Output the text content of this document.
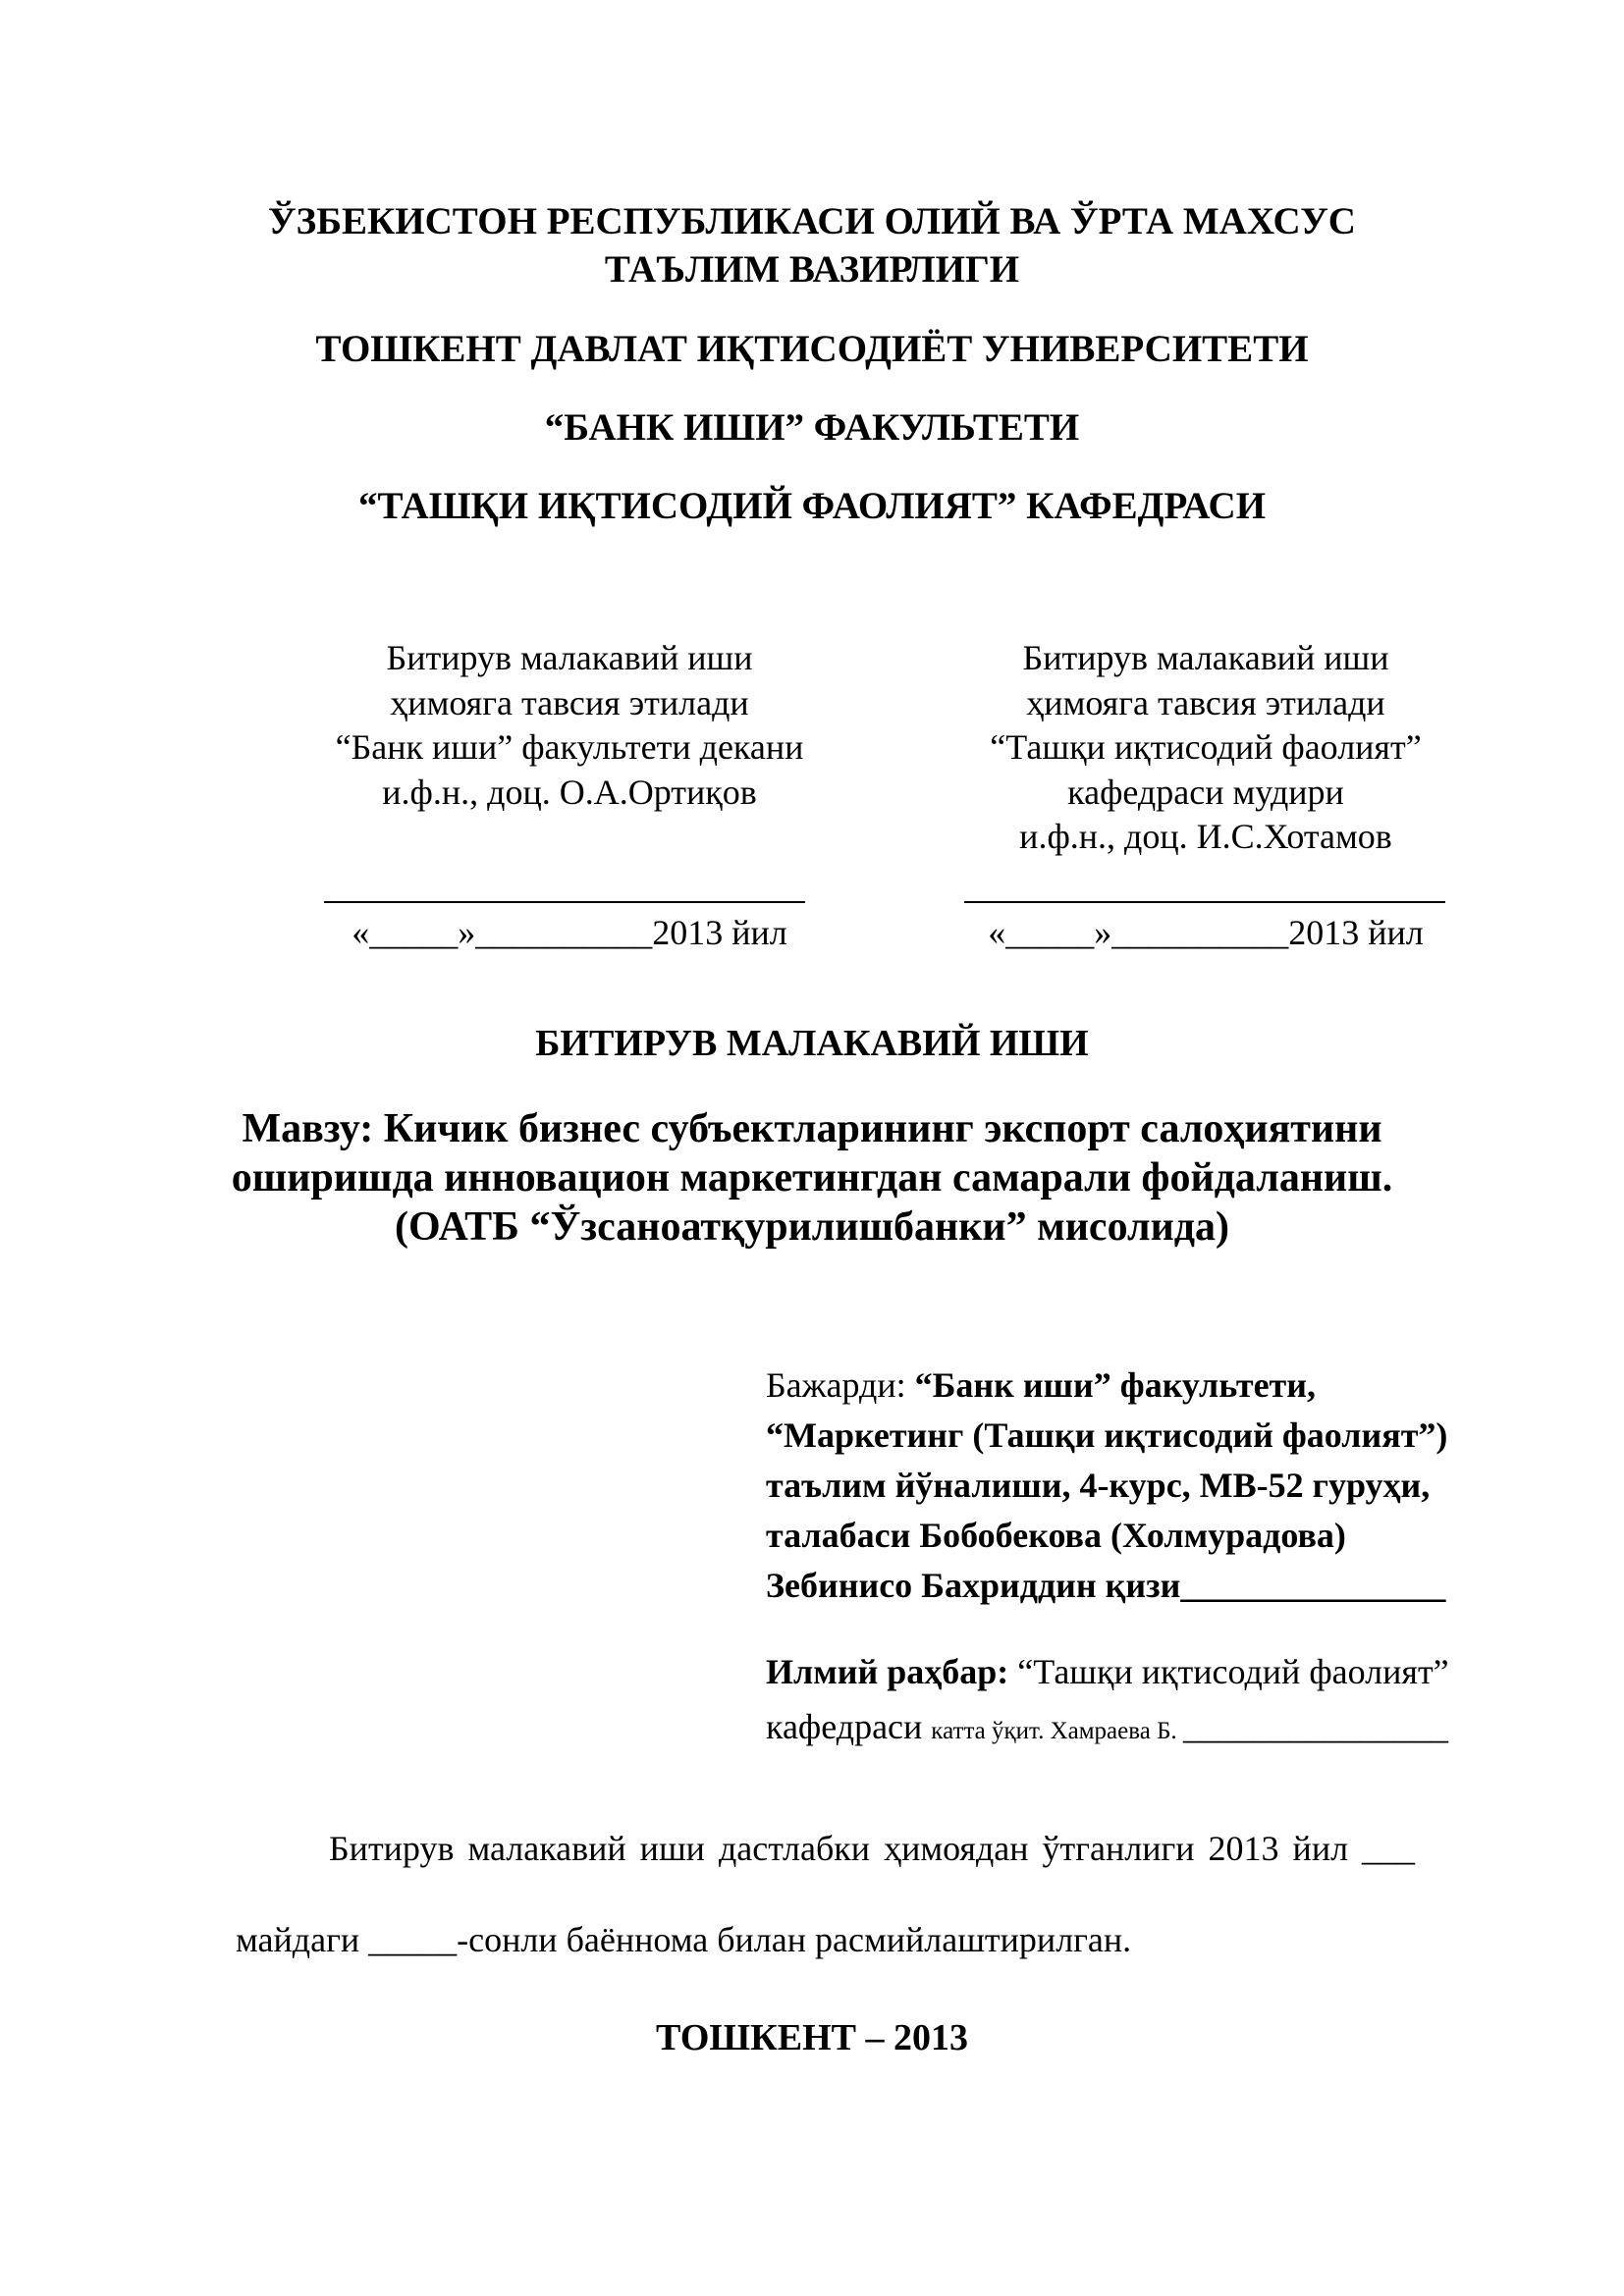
ЎЗБЕКИСТОН РЕСПУБЛИКАСИ ОЛИЙ ВА ЎРТА МАХСУС
ТАЪЛИМ ВАЗИРЛИГИ
ТОШКЕНТ ДАВЛАТ ИҚТИСОДИЁТ УНИВЕРСИТЕТИ
“БАНК ИШИ” ФАКУЛЬТЕТИ
“ТАШҚИ ИҚТИСОДИЙ ФАОЛИЯТ” КАФЕДРАСИ
Битирув малакавий иши
ҳимояга тавсия этилади
“Банк иши” факультети декани
и.ф.н., доц. О.А.Ортиқов
«_____»__________2013 йил
Битирув малакавий иши
ҳимояга тавсия этилади
“Ташқи иқтисодий фаолият”
кафедраси мудири
и.ф.н., доц. И.С.Хотамов
«_____»__________2013 йил
БИТИРУВ МАЛАКАВИЙ ИШИ
Мавзу: Кичик бизнес субъектларининг экспорт салоҳиятини
оширишда инновацион маркетингдан самарали фойдаланиш.
(ОАТБ “Ўзсаноатқурилишбанки” мисолида)
Бажарди: “Банк иши” факультети,
“Маркетинг (Ташқи иқтисодий фаолият”)
таълим йўналиши, 4-курс, МВ-52 гуруҳи,
талабаси Бобобекова (Холмурадова)
Зебинисо Бахриддин қизи_______________
Илмий раҳбар: “Ташқи иқтисодий фаолият”
кафедраси катта ўқит. Хамраева Б. _______________
Битирув малакавий иши дастлабки ҳимоядан ўтганлиги 2013 йил ___
майдаги _____-сонли баённома билан расмийлаштирилган.
ТОШКЕНТ – 2013
